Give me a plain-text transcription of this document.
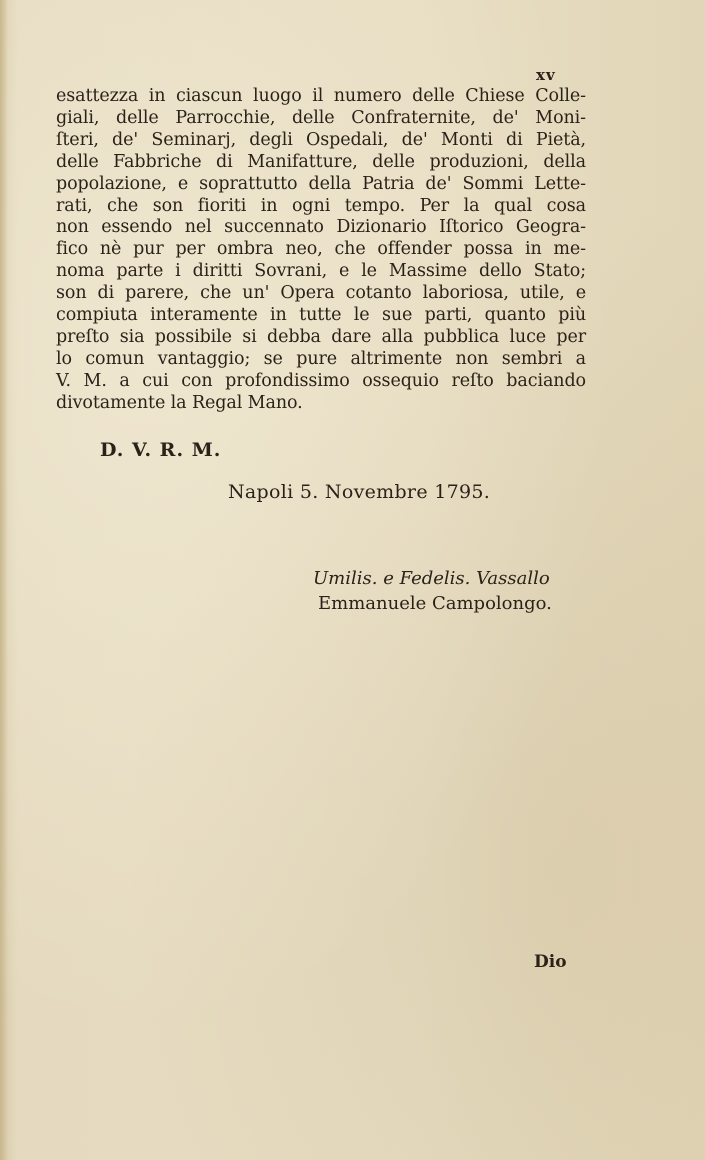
xv
esattezza in ciascun luogo il numero delle Chiese Colle-
giali, delle Parrocchie, delle Confraternite, de' Moni-
ſteri, de' Seminarj, degli Ospedali, de' Monti di Pietà,
delle Fabbriche di Manifatture, delle produzioni, della
popolazione, e soprattutto della Patria de' Sommi Lette-
rati, che son fioriti in ogni tempo. Per la qual cosa
non essendo nel succennato Dizionario Iſtorico Geogra-
fico nè pur per ombra neo, che offender possa in me-
noma parte i diritti Sovrani, e le Massime dello Stato;
son di parere, che un' Opera cotanto laboriosa, utile, e
compiuta interamente in tutte le sue parti, quanto più
preſto sia possibile si debba dare alla pubblica luce per
lo comun vantaggio; se pure altrimente non sembri a
V. M. a cui con profondissimo ossequio reſto baciando
divotamente la Regal Mano.
D. V. R. M.
Napoli 5. Novembre 1795.
Umilis. e Fedelis. Vassallo
Emmanuele Campolongo.
Dio
